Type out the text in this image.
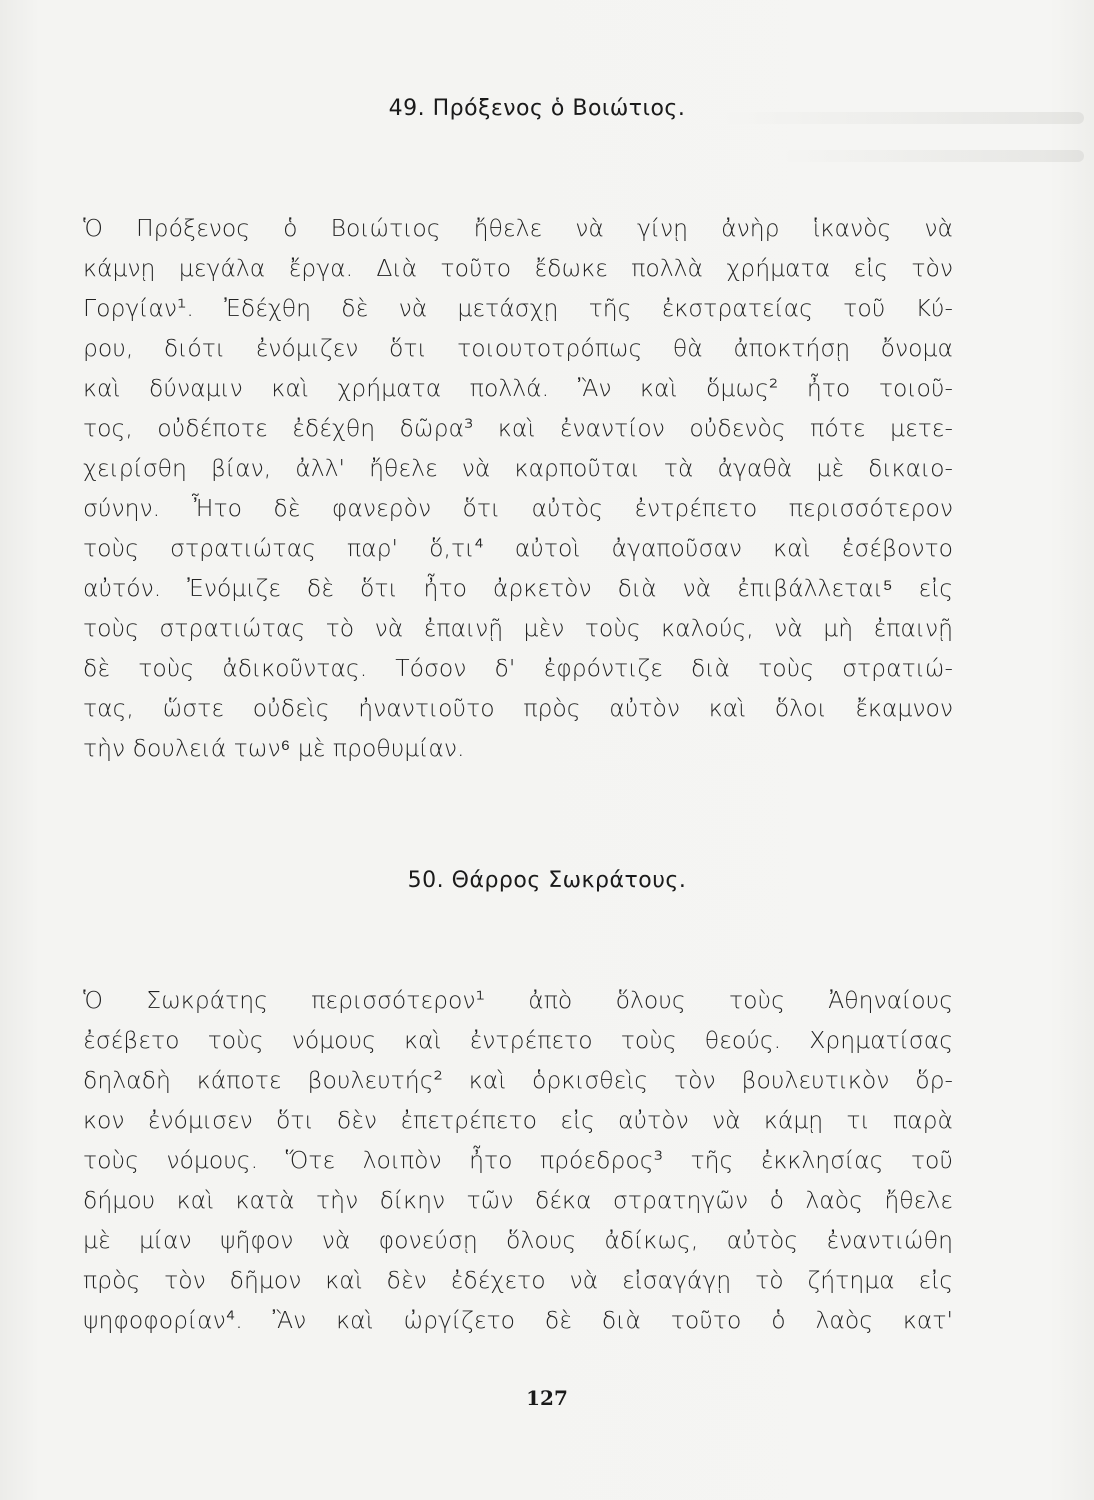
49. Πρόξενος ὁ Βοιώτιος.
Ὁ Πρόξενος ὁ Βοιώτιος ἤθελε νὰ γίνῃ ἀνὴρ ἱκανὸς νὰ
κάμνῃ μεγάλα ἔργα. Διὰ τοῦτο ἔδωκε πολλὰ χρήματα εἰς τὸν
Γοργίαν¹. Ἐδέχθη δὲ νὰ μετάσχῃ τῆς ἐκστρατείας τοῦ Κύ-
ρου, διότι ἐνόμιζεν ὅτι τοιουτοτρόπως θὰ ἀποκτήσῃ ὄνομα
καὶ δύναμιν καὶ χρήματα πολλά. Ἂν καὶ ὅμως² ἦτο τοιοῦ-
τος, οὐδέποτε ἐδέχθη δῶρα³ καὶ ἐναντίον οὐδενὸς πότε μετε-
χειρίσθη βίαν, ἀλλ' ἤθελε νὰ καρποῦται τὰ ἀγαθὰ μὲ δικαιο-
σύνην. Ἦτο δὲ φανερὸν ὅτι αὐτὸς ἐντρέπετο περισσότερον
τοὺς στρατιώτας παρ' ὅ,τι⁴ αὐτοὶ ἀγαποῦσαν καὶ ἐσέβοντο
αὐτόν. Ἐνόμιζε δὲ ὅτι ἦτο ἀρκετὸν διὰ νὰ ἐπιβάλλεται⁵ εἰς
τοὺς στρατιώτας τὸ νὰ ἐπαινῇ μὲν τοὺς καλούς, νὰ μὴ ἐπαινῇ
δὲ τοὺς ἀδικοῦντας. Τόσον δ' ἐφρόντιζε διὰ τοὺς στρατιώ-
τας, ὥστε οὐδεὶς ἠναντιοῦτο πρὸς αὐτὸν καὶ ὅλοι ἔκαμνον
τὴν δουλειά των⁶ μὲ προθυμίαν.
50. Θάρρος Σωκράτους.
Ὁ Σωκράτης περισσότερον¹ ἀπὸ ὅλους τοὺς Ἀθηναίους
ἐσέβετο τοὺς νόμους καὶ ἐντρέπετο τοὺς θεούς. Χρηματίσας
δηλαδὴ κάποτε βουλευτής² καὶ ὁρκισθεὶς τὸν βουλευτικὸν ὅρ-
κον ἐνόμισεν ὅτι δὲν ἐπετρέπετο εἰς αὐτὸν νὰ κάμῃ τι παρὰ
τοὺς νόμους. Ὅτε λοιπὸν ἦτο πρόεδρος³ τῆς ἐκκλησίας τοῦ
δήμου καὶ κατὰ τὴν δίκην τῶν δέκα στρατηγῶν ὁ λαὸς ἤθελε
μὲ μίαν ψῆφον νὰ φονεύσῃ ὅλους ἀδίκως, αὐτὸς ἐναντιώθη
πρὸς τὸν δῆμον καὶ δὲν ἐδέχετο νὰ εἰσαγάγῃ τὸ ζήτημα εἰς
ψηφοφορίαν⁴. Ἂν καὶ ὠργίζετο δὲ διὰ τοῦτο ὁ λαὸς κατ'
127
